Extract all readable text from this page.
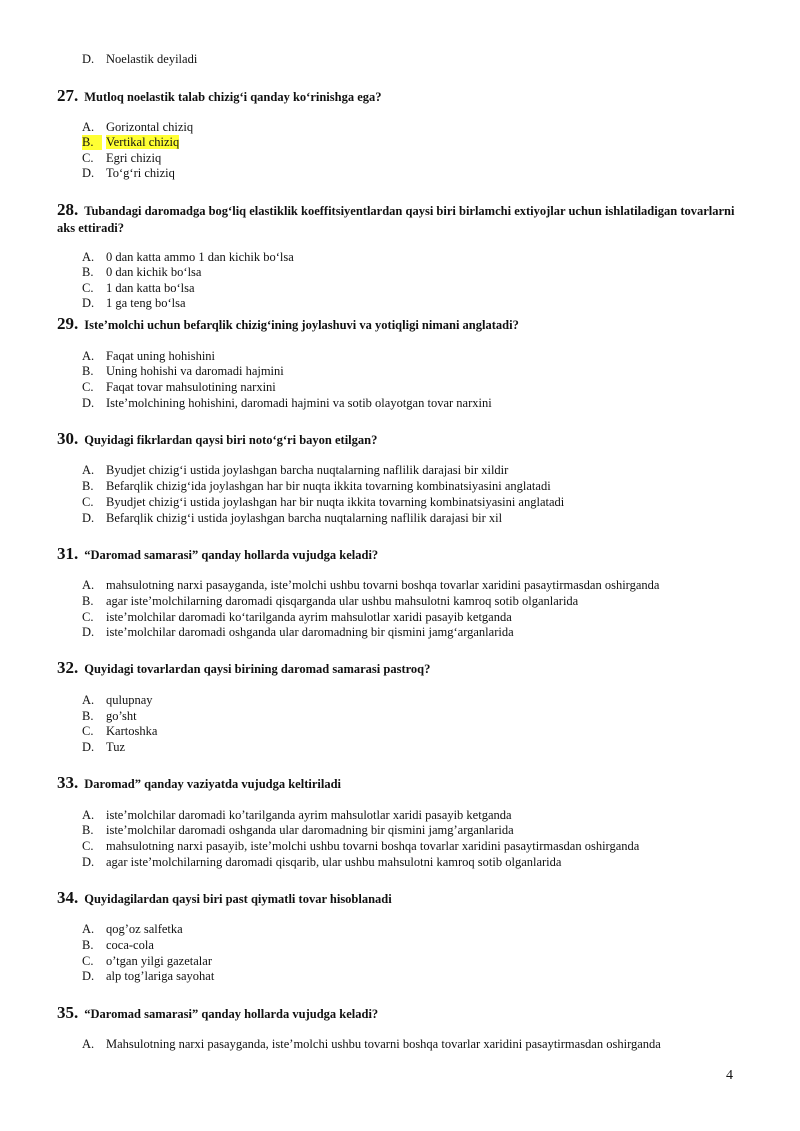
D. Noelastik deyiladi
27. Mutloq noelastik talab chizig‘i qanday ko‘rinishga ega?
A. Gorizontal chiziq
B. Vertikal chiziq
C. Egri chiziq
D. To‘g‘ri chiziq
28. Tubandagi daromadga bog‘liq elastiklik koeffitsiyentlardan qaysi biri birlamchi extiyojlar uchun ishlatiladigan tovarlarni aks ettiradi?
A. 0 dan katta ammo 1 dan kichik bo‘lsa
B. 0 dan kichik bo‘lsa
C. 1 dan katta bo‘lsa
D. 1 ga teng bo‘lsa
29. Iste’molchi uchun befarqlik chizig‘ining joylashuvi va yotiqligi nimani anglatadi?
A. Faqat uning hohishini
B. Uning hohishi va daromadi hajmini
C. Faqat tovar mahsulotining narxini
D. Iste’molchining hohishini, daromadi hajmini va sotib olayotgan tovar narxini
30. Quyidagi fikrlardan qaysi biri noto‘g‘ri bayon etilgan?
A. Byudjet chizig‘i ustida joylashgan barcha nuqtalarning naflilik darajasi bir xildir
B. Befarqlik chizig‘ida joylashgan har bir nuqta ikkita tovarning kombinatsiyasini anglatadi
C. Byudjet chizig‘i ustida joylashgan har bir nuqta ikkita tovarning kombinatsiyasini anglatadi
D. Befarqlik chizig‘i ustida joylashgan barcha nuqtalarning naflilik darajasi bir xil
31. “Daromad samarasi” qanday hollarda vujudga keladi?
A. mahsulotning narxi pasayganda, iste’molchi ushbu tovarni boshqa tovarlar xaridini pasaytirmasdan oshirganda
B. agar iste’molchilarning daromadi qisqarganda ular ushbu mahsulotni kamroq sotib olganlarida
C. iste’molchilar daromadi ko‘tarilganda ayrim mahsulotlar xaridi pasayib ketganda
D. iste’molchilar daromadi oshganda ular daromadning bir qismini jamg‘arganlarida
32. Quyidagi tovarlardan qaysi birining daromad samarasi pastroq?
A. qulupnay
B. go’sht
C. Kartoshka
D. Tuz
33. Daromad” qanday vaziyatda vujudga keltiriladi
A. iste’molchilar daromadi ko’tarilganda ayrim mahsulotlar xaridi pasayib ketganda
B. iste’molchilar daromadi oshganda ular daromadning bir qismini jamg’arganlarida
C. mahsulotning narxi pasayib, iste’molchi ushbu tovarni boshqa tovarlar xaridini pasaytirmasdan oshirganda
D. agar iste’molchilarning daromadi qisqarib, ular ushbu mahsulotni kamroq sotib olganlarida
34. Quyidagilardan qaysi biri past qiymatli tovar hisoblanadi
A. qog’oz salfetka
B. coca-cola
C. o’tgan yilgi gazetalar
D. alp tog’lariga sayohat
35. “Daromad samarasi” qanday hollarda vujudga keladi?
A. Mahsulotning narxi pasayganda, iste’molchi ushbu tovarni boshqa tovarlar xaridini pasaytirmasdan oshirganda
4
